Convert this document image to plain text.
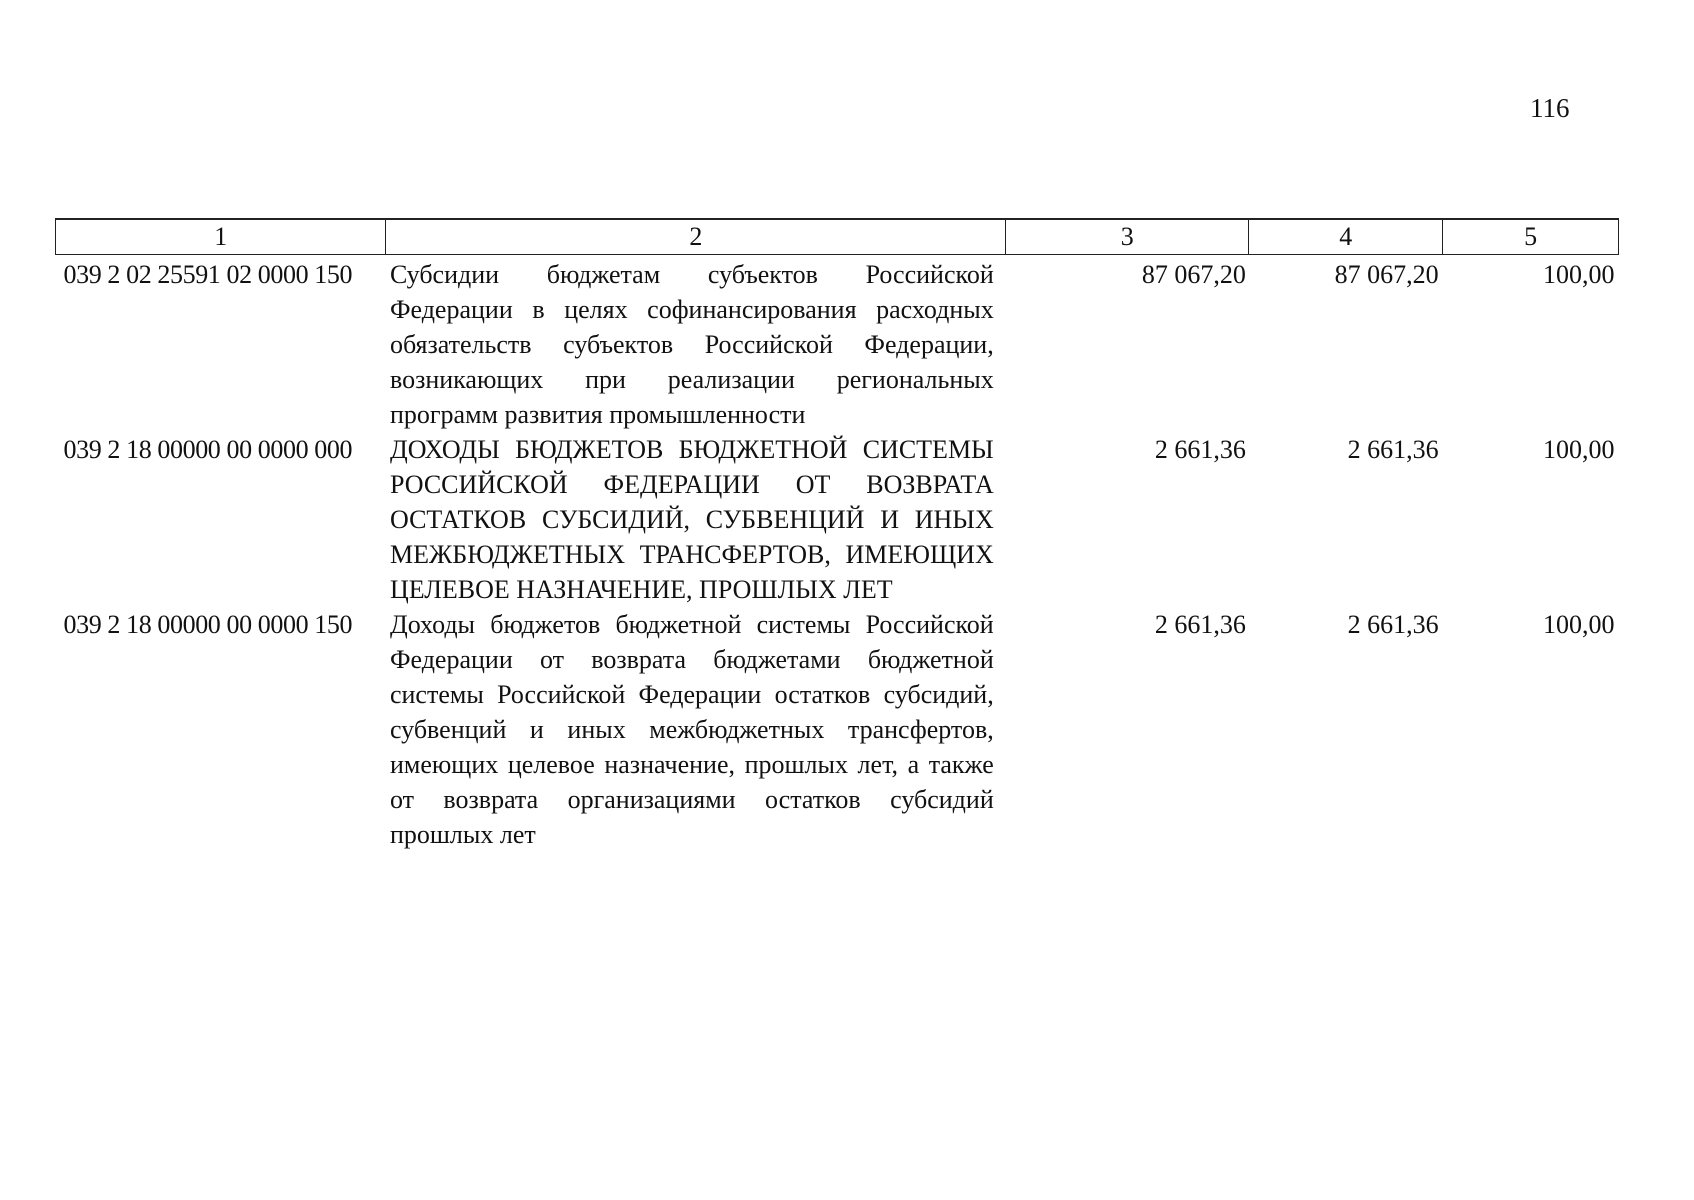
116
1	2	3	4	5
039 2 02 25591 02 0000 150	Субсидии бюджетам субъектов Российской Федерации в целях софинансирования расходных обязательств субъектов Российской Федерации, возникающих при реализации региональных программ развития промышленности	87 067,20	87 067,20	100,00
039 2 18 00000 00 0000 000	ДОХОДЫ БЮДЖЕТОВ БЮДЖЕТНОЙ СИСТЕМЫ РОССИЙСКОЙ ФЕДЕРАЦИИ ОТ ВОЗВРАТА ОСТАТКОВ СУБСИДИЙ, СУБВЕНЦИЙ И ИНЫХ МЕЖБЮДЖЕТНЫХ ТРАНСФЕРТОВ, ИМЕЮЩИХ ЦЕЛЕВОЕ НАЗНАЧЕНИЕ, ПРОШЛЫХ ЛЕТ	2 661,36	2 661,36	100,00
039 2 18 00000 00 0000 150	Доходы бюджетов бюджетной системы Российской Федерации от возврата бюджетами бюджетной системы Российской Федерации остатков субсидий, субвенций и иных межбюджетных трансфертов, имеющих целевое назначение, прошлых лет, а также от возврата организациями остатков субсидий прошлых лет	2 661,36	2 661,36	100,00
